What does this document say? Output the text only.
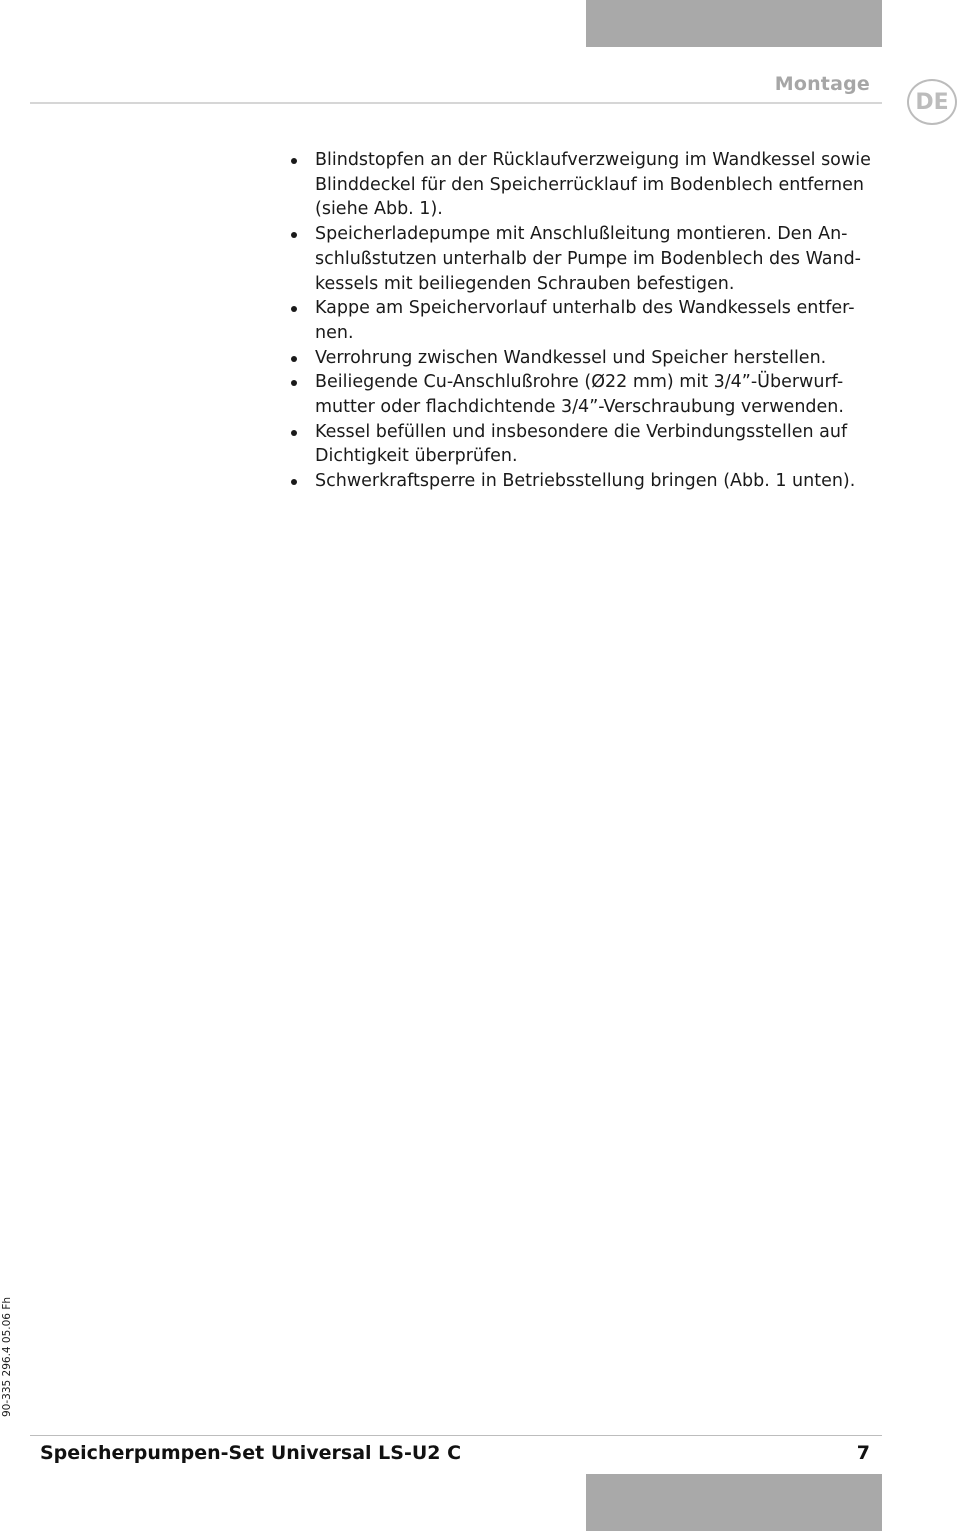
Montage
DE
Blindstopfen an der Rücklaufverzweigung im Wandkessel sowie
Blinddeckel für den Speicherrücklauf im Bodenblech entfernen
(siehe Abb. 1).
Speicherladepumpe mit Anschlußleitung montieren. Den An-
schlußstutzen unterhalb der Pumpe im Bodenblech des Wand-
kessels mit beiliegenden Schrauben befestigen.
Kappe am Speichervorlauf unterhalb des Wandkessels entfer-
nen.
Verrohrung zwischen Wandkessel und Speicher herstellen.
Beiliegende Cu-Anschlußrohre (Ø22 mm) mit 3/4”-Überwurf-
mutter oder flachdichtende 3/4”-Verschraubung verwenden.
Kessel befüllen und insbesondere die Verbindungsstellen auf
Dichtigkeit überprüfen.
Schwerkraftsperre in Betriebsstellung bringen (Abb. 1 unten).
90-335 296.4 05.06 Fh
Speicherpumpen-Set Universal LS-U2 C	7
